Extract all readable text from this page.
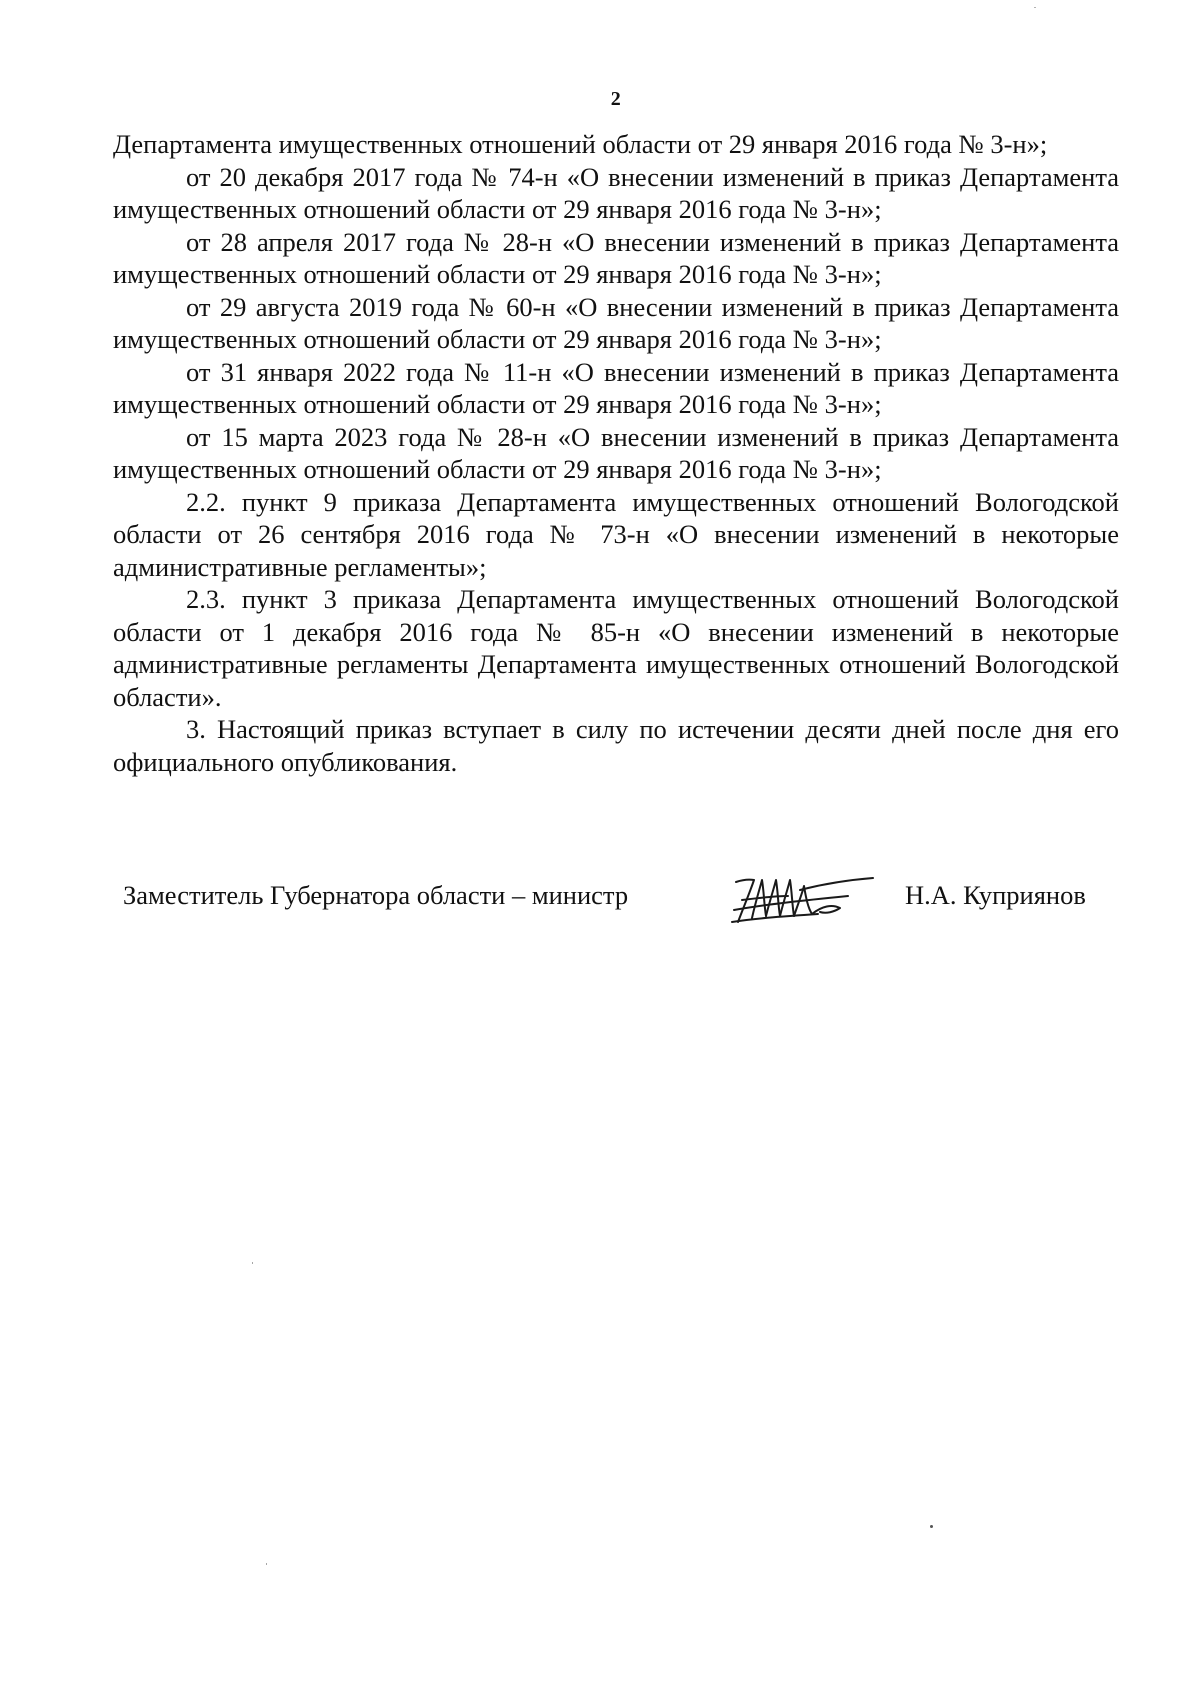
2

Департамента имущественных отношений области от 29 января 2016 года № 3-н»;

от 20 декабря 2017 года № 74-н «О внесении изменений в приказ Департамента имущественных отношений области от 29 января 2016 года № 3-н»;

от 28 апреля 2017 года № 28-н «О внесении изменений в приказ Департамента имущественных отношений области от 29 января 2016 года № 3-н»;

от 29 августа 2019 года № 60-н «О внесении изменений в приказ Департамента имущественных отношений области от 29 января 2016 года № 3-н»;

от 31 января 2022 года № 11-н «О внесении изменений в приказ Департамента имущественных отношений области от 29 января 2016 года № 3-н»;

от 15 марта 2023 года № 28-н «О внесении изменений в приказ Департамента имущественных отношений области от 29 января 2016 года № 3-н»;

2.2. пункт 9 приказа Департамента имущественных отношений Вологодской области от 26 сентября 2016 года № 73-н «О внесении изменений в некоторые административные регламенты»;

2.3. пункт 3 приказа Департамента имущественных отношений Вологодской области от 1 декабря 2016 года № 85-н «О внесении изменений в некоторые административные регламенты Департамента имущественных отношений Вологодской области».

3. Настоящий приказ вступает в силу по истечении десяти дней после дня его официального опубликования.

Заместитель Губернатора области – министр	Н.А. Куприянов
